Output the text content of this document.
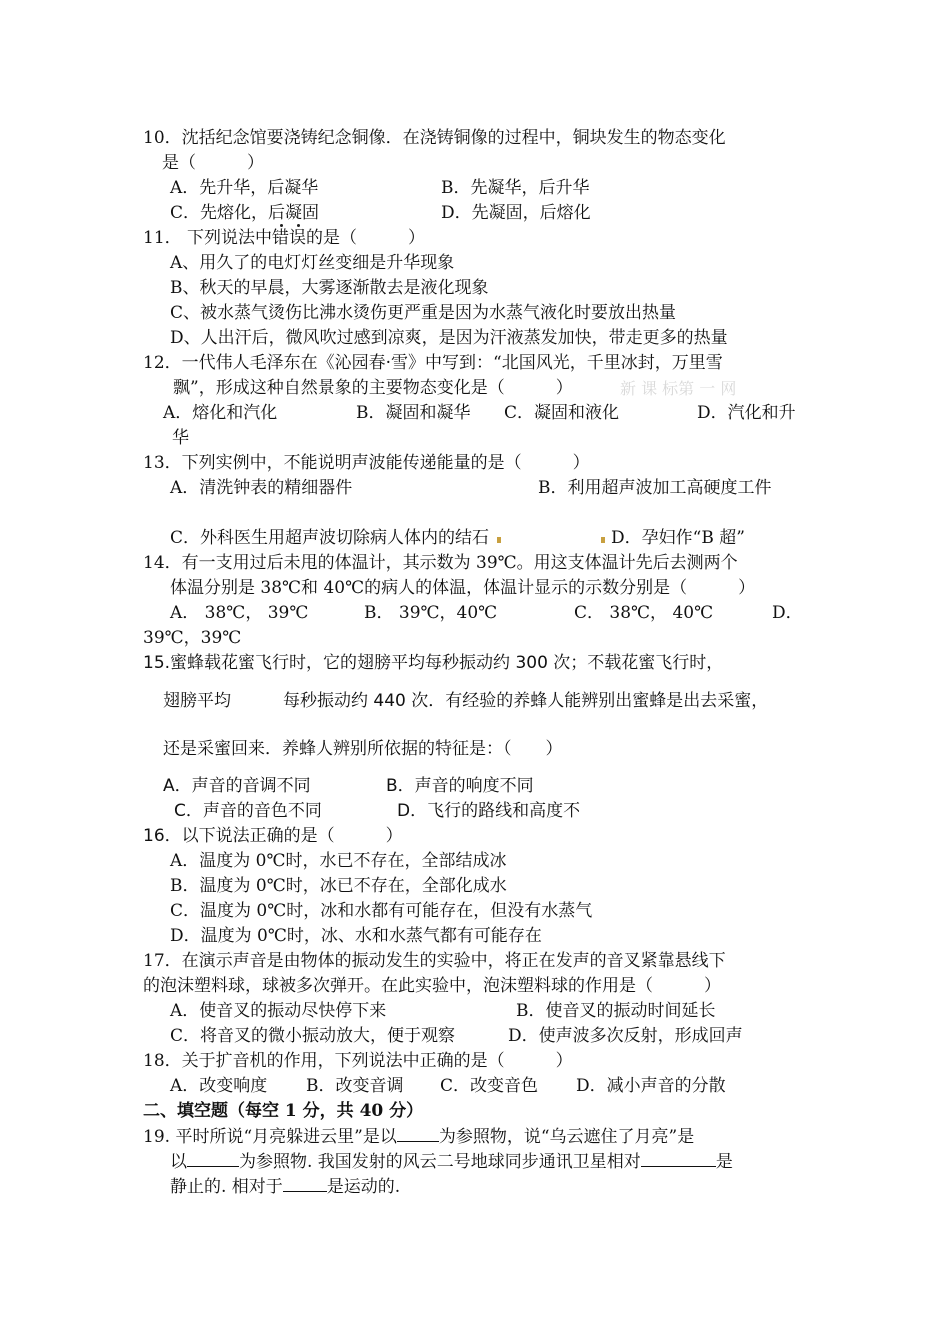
10．沈括纪念馆要浇铸纪念铜像．在浇铸铜像的过程中，铜块发生的物态变化
是（　　　）
A．先升华，后凝华	B．先凝华，后升华
C．先熔化，后凝固	D．先凝固，后熔化
11． 下列说法中错误的是（　　　）
A、用久了的电灯灯丝变细是升华现象
B、秋天的早晨，大雾逐渐散去是液化现象
C、被水蒸气烫伤比沸水烫伤更严重是因为水蒸气液化时要放出热量
D、人出汗后，微风吹过感到凉爽，是因为汗液蒸发加快，带走更多的热量
12．一代伟人毛泽东在《沁园春·雪》中写到：“北国风光，千里冰封，万里雪
飘”，形成这种自然景象的主要物态变化是（　　　）	新 课 标第 一 网
A．熔化和汽化	B．凝固和凝华 C．凝固和液化	D．汽化和升
华
13．下列实例中，不能说明声波能传递能量的是（　　　）
A．清洗钟表的精细器件	B．利用超声波加工高硬度工件
C．外科医生用超声波切除病人体内的结石	D．孕妇作“B 超”
14．有一支用过后未甩的体温计，其示数为 39℃。用这支体温计先后去测两个
体温分别是 38℃和 40℃的病人的体温，体温计显示的示数分别是（　　　）
A． 38℃， 39℃	B． 39℃，40℃	C． 38℃， 40℃	D．
39℃，39℃
15.蜜蜂载花蜜飞行时，它的翅膀平均每秒振动约 300 次；不载花蜜飞行时，
翅膀平均	每秒振动约 440 次．有经验的养蜂人能辨别出蜜蜂是出去采蜜，
还是采蜜回来．养蜂人辨别所依据的特征是：（　　）
A．声音的音调不同	B．声音的响度不同
C．声音的音色不同	D．飞行的路线和高度不
16．以下说法正确的是（　　　）
A．温度为 0℃时，水已不存在，全部结成冰
B．温度为 0℃时，冰已不存在，全部化成水
C．温度为 0℃时，冰和水都有可能存在，但没有水蒸气
D．温度为 0℃时，冰、水和水蒸气都有可能存在
17．在演示声音是由物体的振动发生的实验中，将正在发声的音叉紧靠悬线下
的泡沫塑料球，球被多次弹开。在此实验中，泡沫塑料球的作用是（　　　）
A．使音叉的振动尽快停下来	B．使音叉的振动时间延长
C．将音叉的微小振动放大，便于观察	D．使声波多次反射，形成回声
18．关于扩音机的作用，下列说法中正确的是（　　　）
A．改变响度 B．改变音调 C．改变音色 D．减小声音的分散
二、填空题（每空 1 分，共 40 分）
19. 平时所说“月亮躲进云里”是以 为参照物，说“乌云遮住了月亮”是
以	为参照物. 我国发射的风云二号地球同步通讯卫星相对	是
静止的. 相对于	是运动的.
